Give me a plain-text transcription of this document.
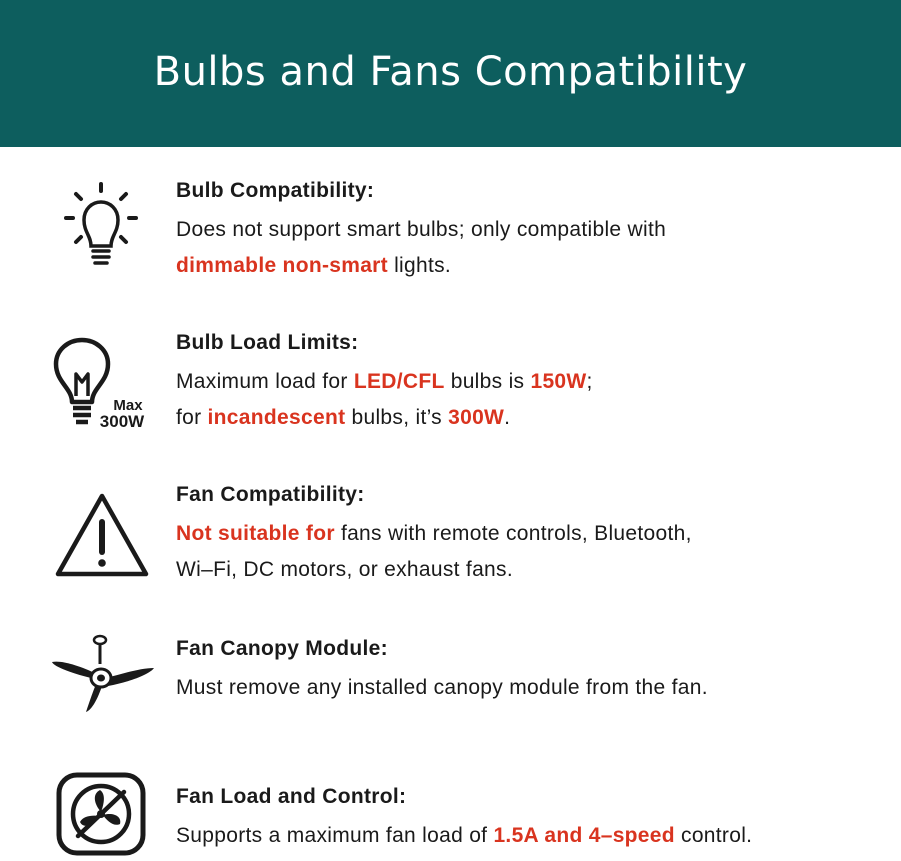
Bulbs and Fans Compatibility
Bulb Compatibility:
Does not support smart bulbs; only compatible with
dimmable non-smart lights.
Max
300W
Bulb Load Limits:
Maximum load for LED/CFL bulbs is 150W;
for incandescent bulbs, it’s 300W.
Fan Compatibility:
Not suitable for fans with remote controls, Bluetooth,
Wi–Fi, DC motors, or exhaust fans.
Fan Canopy Module:
Must remove any installed canopy module from the fan.
Fan Load and Control:
Supports a maximum fan load of 1.5A and 4–speed control.
